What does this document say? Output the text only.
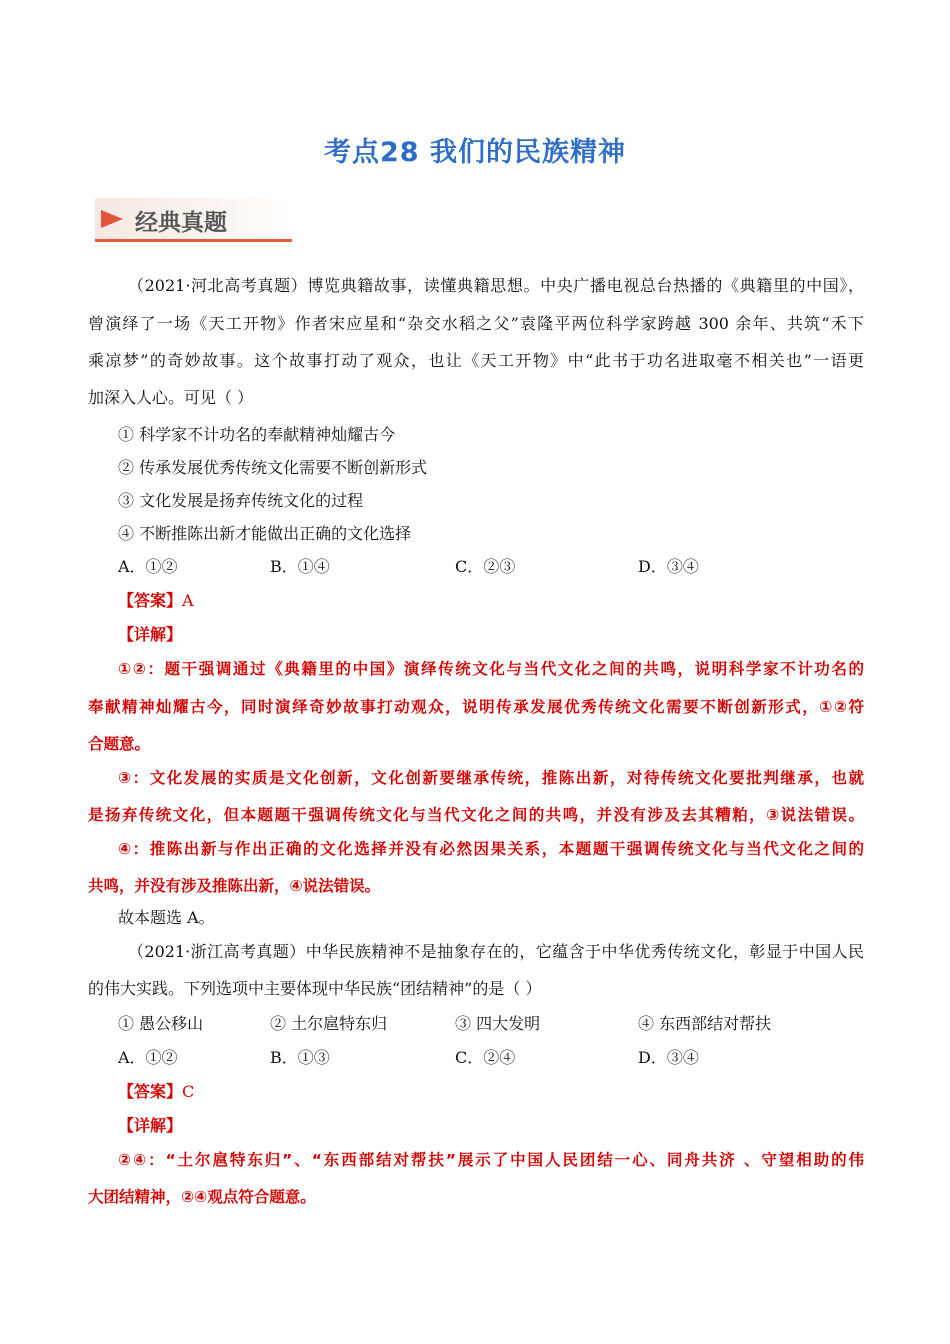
考点28 我们的民族精神
经典真题
（2021·河北高考真题）博览典籍故事，读懂典籍思想。中央广播电视总台热播的《典籍里的中国》，
曾演绎了一场《天工开物》作者宋应星和“杂交水稻之父”袁隆平两位科学家跨越 300 余年、共筑“禾下
乘凉梦”的奇妙故事。这个故事打动了观众，也让《天工开物》中“此书于功名进取毫不相关也”一语更
加深入人心。可见（ ）
① 科学家不计功名的奉献精神灿耀古今
② 传承发展优秀传统文化需要不断创新形式
③ 文化发展是扬弃传统文化的过程
④ 不断推陈出新才能做出正确的文化选择
A．①②	B．①④	C．②③	D．③④
【答案】A
【详解】
①②：题干强调通过《典籍里的中国》演绎传统文化与当代文化之间的共鸣，说明科学家不计功名的
奉献精神灿耀古今，同时演绎奇妙故事打动观众，说明传承发展优秀传统文化需要不断创新形式，①②符
合题意。
③：文化发展的实质是文化创新，文化创新要继承传统，推陈出新，对待传统文化要批判继承，也就
是扬弃传统文化，但本题题干强调传统文化与当代文化之间的共鸣，并没有涉及去其糟粕，③说法错误。
④：推陈出新与作出正确的文化选择并没有必然因果关系，本题题干强调传统文化与当代文化之间的
共鸣，并没有涉及推陈出新，④说法错误。
故本题选 A。
（2021·浙江高考真题）中华民族精神不是抽象存在的，它蕴含于中华优秀传统文化，彰显于中国人民
的伟大实践。下列选项中主要体现中华民族“团结精神”的是（ ）
① 愚公移山	② 土尔扈特东归	③ 四大发明	④ 东西部结对帮扶
A．①②	B．①③	C．②④	D．③④
【答案】C
【详解】
②④：“土尔扈特东归”、“东西部结对帮扶”展示了中国人民团结一心、同舟共济 、守望相助的伟
大团结精神，②④观点符合题意。
